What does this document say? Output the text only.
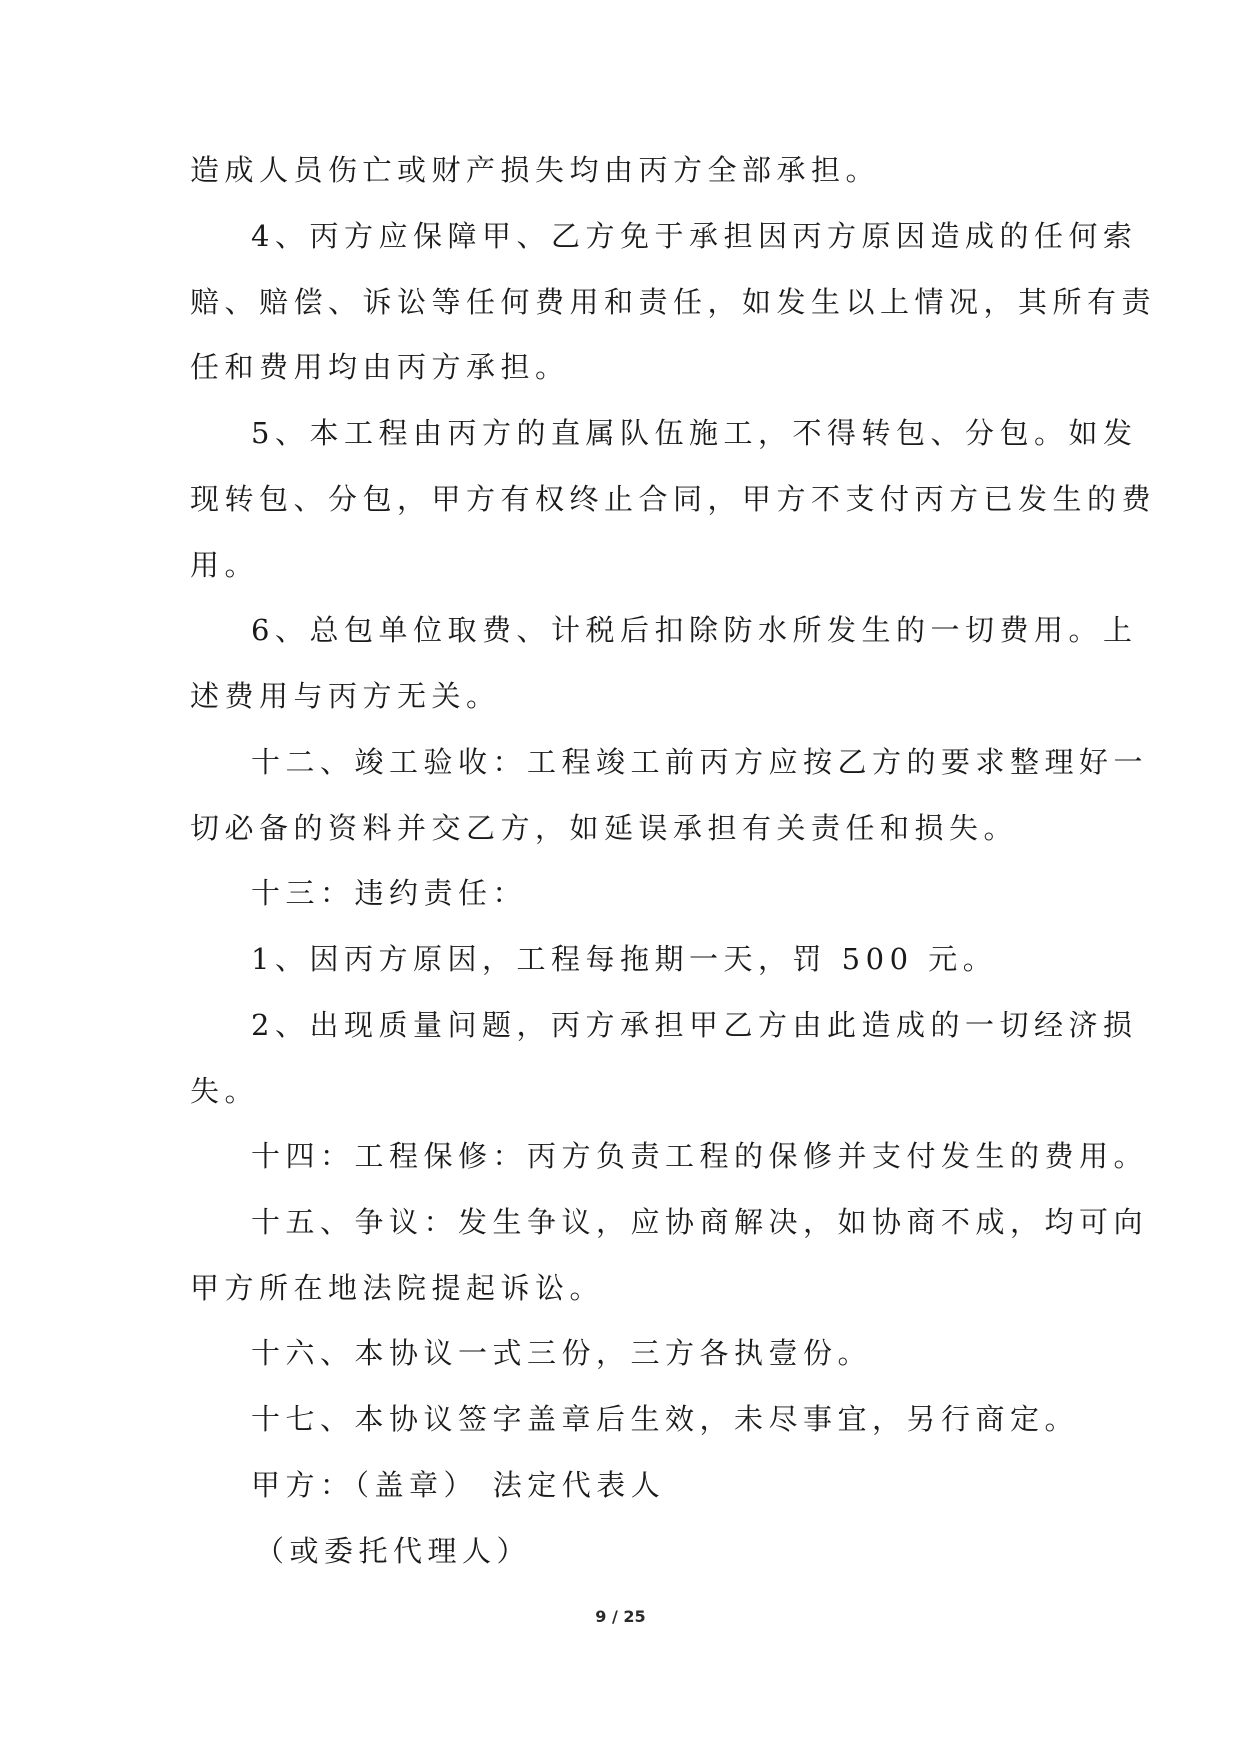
造成人员伤亡或财产损失均由丙方全部承担。
4、丙方应保障甲、乙方免于承担因丙方原因造成的任何索
赔、赔偿、诉讼等任何费用和责任，如发生以上情况，其所有责
任和费用均由丙方承担。
5、本工程由丙方的直属队伍施工，不得转包、分包。如发
现转包、分包，甲方有权终止合同，甲方不支付丙方已发生的费
用。
6、总包单位取费、计税后扣除防水所发生的一切费用。上
述费用与丙方无关。
十二、竣工验收：工程竣工前丙方应按乙方的要求整理好一
切必备的资料并交乙方，如延误承担有关责任和损失。
十三：违约责任：
1、因丙方原因，工程每拖期一天，罚 500 元。
2、出现质量问题，丙方承担甲乙方由此造成的一切经济损
失。
十四：工程保修：丙方负责工程的保修并支付发生的费用。
十五、争议：发生争议，应协商解决，如协商不成，均可向
甲方所在地法院提起诉讼。
十六、本协议一式三份，三方各执壹份。
十七、本协议签字盖章后生效，未尽事宜，另行商定。
甲方：（盖章） 法定代表人
（或委托代理人）
9 / 25
